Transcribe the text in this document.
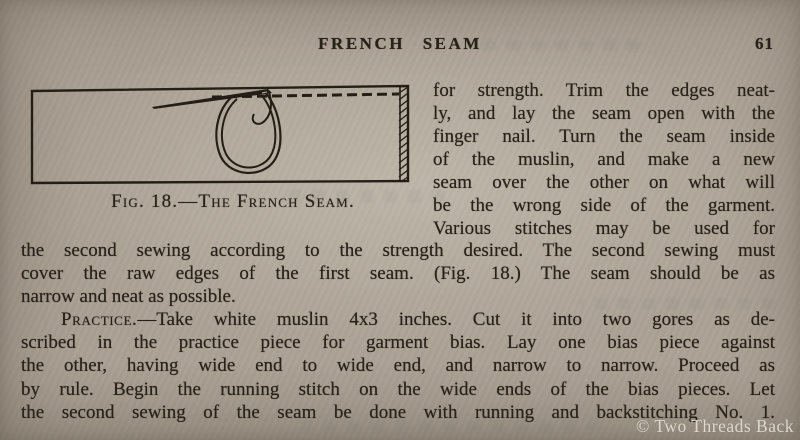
FRENCH SEAM	61
Fig. 18.—The French Seam.
for strength. Trim the edges neat-
ly, and lay the seam open with the
finger nail. Turn the seam inside
of the muslin, and make a new
seam over the other on what will
be the wrong side of the garment.
Various stitches may be used for
the second sewing according to the strength desired. The second sewing must
cover the raw edges of the first seam. (Fig. 18.) The seam should be as
narrow and neat as possible.
Practice.—Take white muslin 4x3 inches. Cut it into two gores as de-
scribed in the practice piece for garment bias. Lay one bias piece against
the other, having wide end to wide end, and narrow to narrow. Proceed as
by rule. Begin the running stitch on the wide ends of the bias pieces. Let
the second sewing of the seam be done with running and backstitching No. 1.
© Two Threads Back
